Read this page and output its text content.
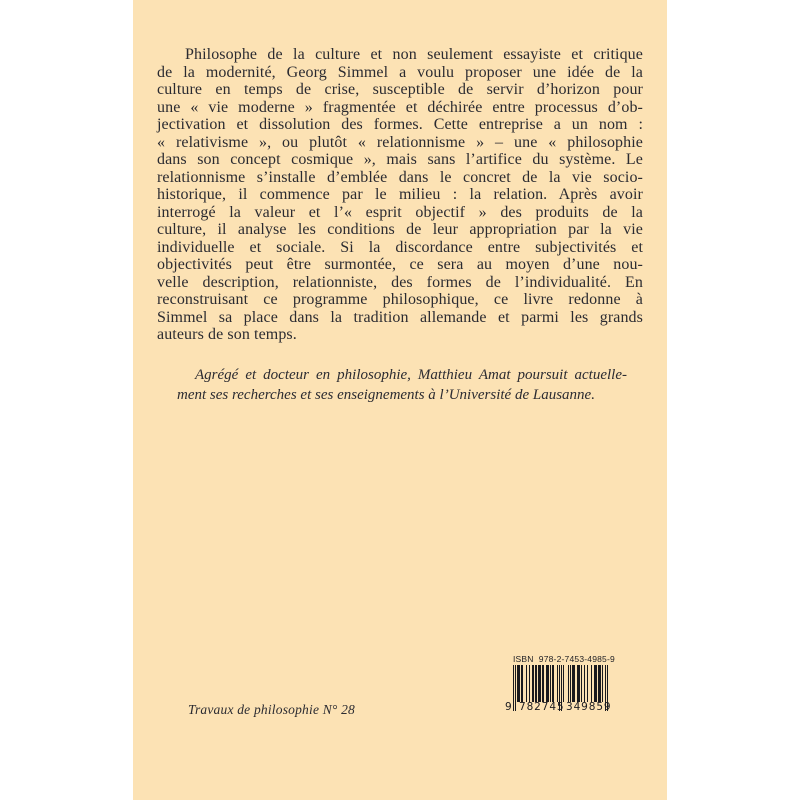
Philosophe de la culture et non seulement essayiste et critique
de la modernité, Georg Simmel a voulu proposer une idée de la
culture en temps de crise, susceptible de servir d’horizon pour
une « vie moderne » fragmentée et déchirée entre processus d’ob-
jectivation et dissolution des formes. Cette entreprise a un nom :
« relativisme », ou plutôt « relationnisme » – une « philosophie
dans son concept cosmique », mais sans l’artifice du système. Le
relationnisme s’installe d’emblée dans le concret de la vie socio-
historique, il commence par le milieu : la relation. Après avoir
interrogé la valeur et l’« esprit objectif » des produits de la
culture, il analyse les conditions de leur appropriation par la vie
individuelle et sociale. Si la discordance entre subjectivités et
objectivités peut être surmontée, ce sera au moyen d’une nou-
velle description, relationniste, des formes de l’individualité. En
reconstruisant ce programme philosophique, ce livre redonne à
Simmel sa place dans la tradition allemande et parmi les grands
auteurs de son temps.
Agrégé et docteur en philosophie, Matthieu Amat poursuit actuelle-
ment ses recherches et ses enseignements à l’Université de Lausanne.
Travaux de philosophie N° 28
ISBN  978-2-7453-4985-9
9 782745 349859
